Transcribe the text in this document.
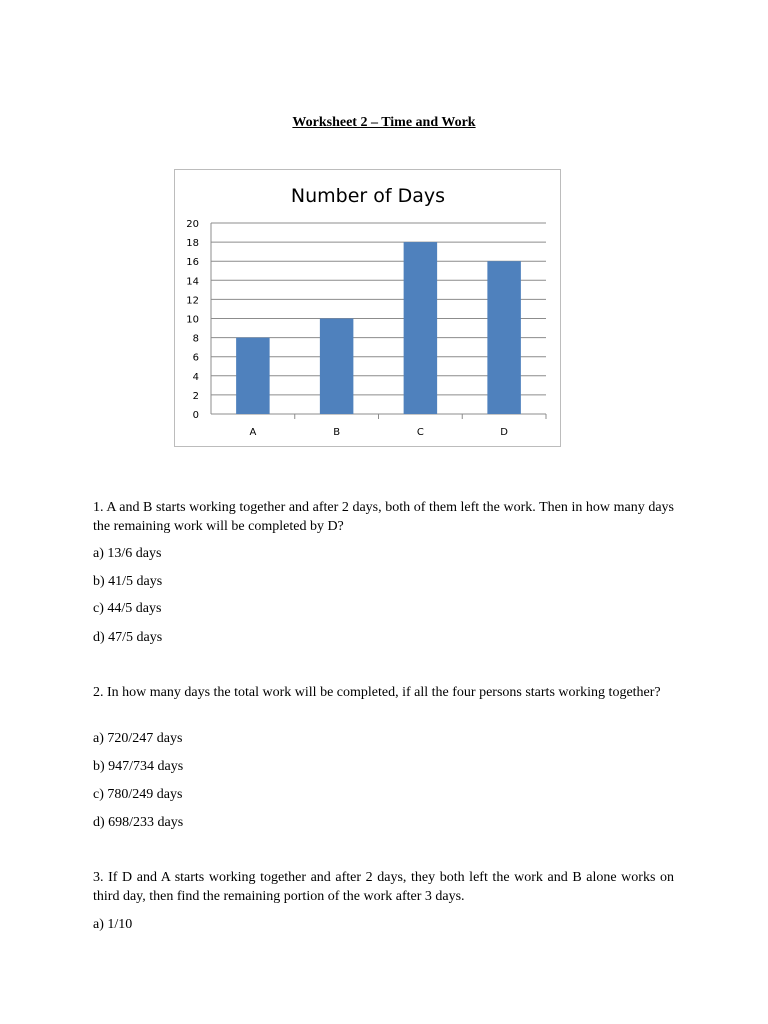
Worksheet 2 – Time and Work
Number of Days
0
2
4
6
8
10
12
14
16
18
20
A	B	C	D
1. A and B starts working together and after 2 days, both of them left the work. Then in how many days the remaining work will be completed by D?
a) 13/6 days
b) 41/5 days
c) 44/5 days
d) 47/5 days
2. In how many days the total work will be completed, if all the four persons starts working together?
a) 720/247 days
b) 947/734 days
c) 780/249 days
d) 698/233 days
3. If D and A starts working together and after 2 days, they both left the work and B alone works on third day, then find the remaining portion of the work after 3 days.
a) 1/10
